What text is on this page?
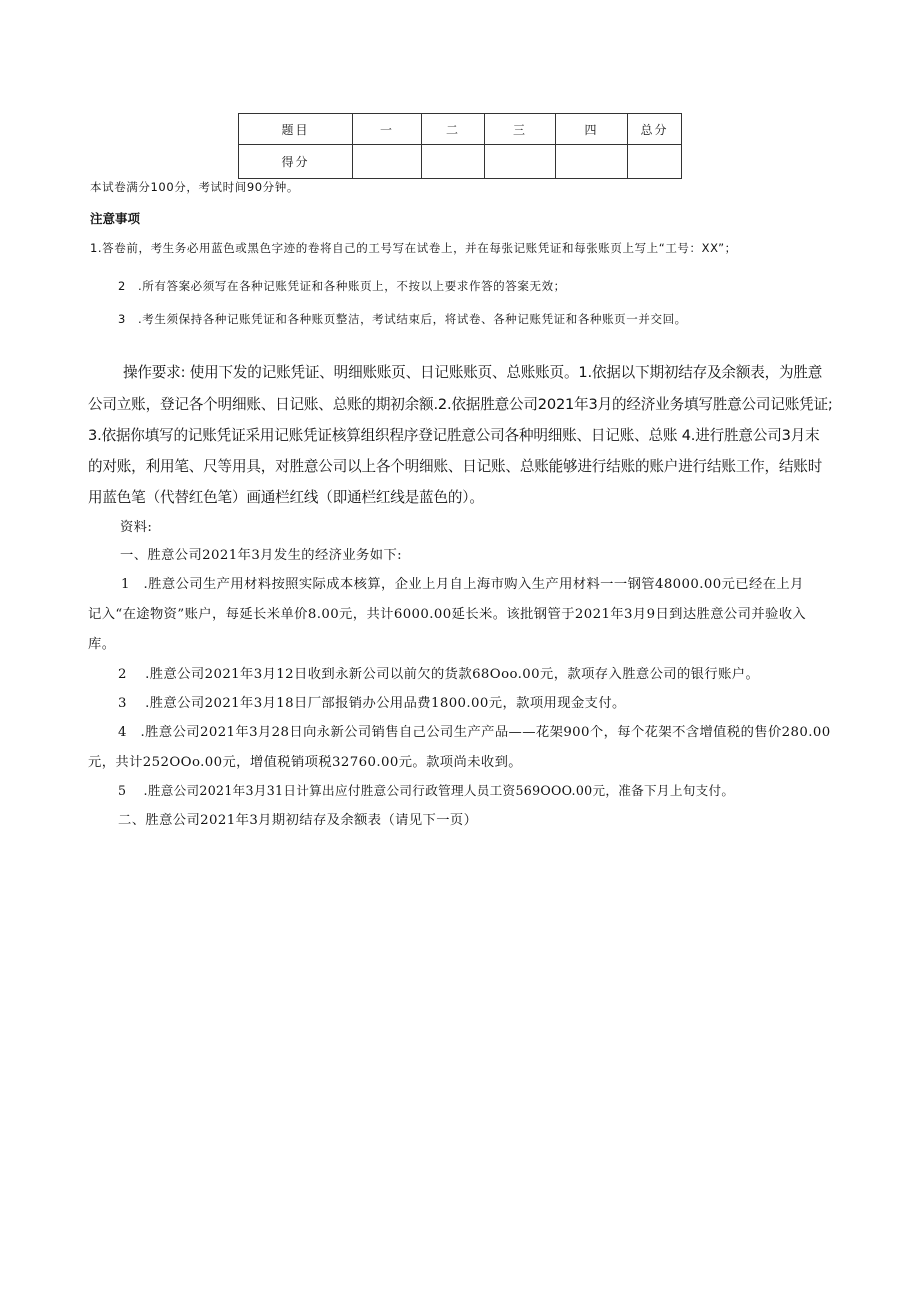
题目	一	二	三	四	总分
得分					
本试卷满分100分，考试时间90分钟。
注意事项
1.答卷前，考生务必用蓝色或黑色字迹的卷将自己的工号写在试卷上，并在每张记账凭证和每张账页上写上“工号：XX”；
2　.所有答案必须写在各种记账凭证和各种账页上，不按以上要求作答的答案无效；
3　.考生须保持各种记账凭证和各种账页整洁，考试结束后，将试卷、各种记账凭证和各种账页一并交回。
操作要求: 使用下发的记账凭证、明细账账页、日记账账页、总账账页。1.依据以下期初结存及余额表，为胜意
公司立账，登记各个明细账、日记账、总账的期初余额.2.依据胜意公司2021年3月的经济业务填写胜意公司记账凭证;
3.依据你填写的记账凭证采用记账凭证核算组织程序登记胜意公司各种明细账、日记账、总账 4.进行胜意公司3月末
的对账，利用笔、尺等用具，对胜意公司以上各个明细账、日记账、总账能够进行结账的账户进行结账工作，结账时
用蓝色笔（代替红色笔）画通栏红线（即通栏红线是蓝色的）。
资料:
一、胜意公司2021年3月发生的经济业务如下:
1　.胜意公司生产用材料按照实际成本核算，企业上月自上海市购入生产用材料一一钢管48000.00元已经在上月
记入“在途物资”账户，每延长米单价8.00元，共计6000.00延长米。该批钢管于2021年3月9日到达胜意公司并验收入
库。
2　 .胜意公司2021年3月12日收到永新公司以前欠的货款68Ooo.00元，款项存入胜意公司的银行账户。
3　 .胜意公司2021年3月18日厂部报销办公用品费1800.00元，款项用现金支付。
4　.胜意公司2021年3月28日向永新公司销售自己公司生产产品——花架900个，每个花架不含增值税的售价280.00
元，共计252OOo.00元，增值税销项税32760.00元。款项尚未收到。
5　 .胜意公司2021年3月31日计算出应付胜意公司行政管理人员工资569OOO.00元，准备下月上旬支付。
二、胜意公司2021年3月期初结存及余额表（请见下一页）
